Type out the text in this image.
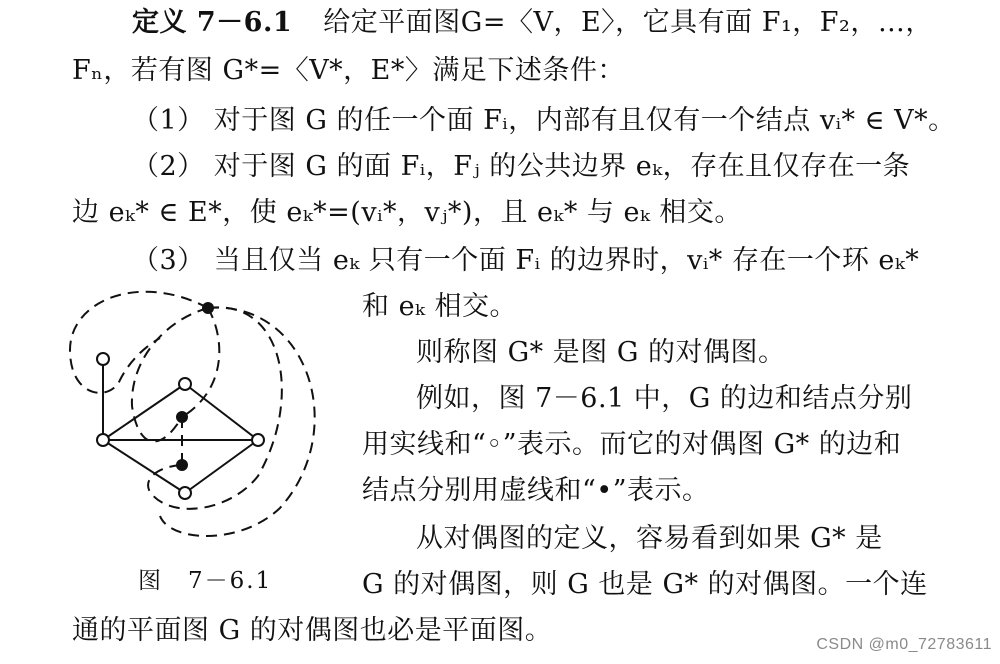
定义 7－6.1 给定平面图G=〈V，E〉，它具有面 F₁，F₂，…，
Fₙ，若有图 G*=〈V*，E*〉满足下述条件：
（1） 对于图 G 的任一个面 Fᵢ，内部有且仅有一个结点 vᵢ* ∈ V*。
（2） 对于图 G 的面 Fᵢ，Fⱼ 的公共边界 eₖ，存在且仅存在一条
边 eₖ* ∈ E*，使 eₖ*=(vᵢ*，vⱼ*)，且 eₖ* 与 eₖ 相交。
（3） 当且仅当 eₖ 只有一个面 Fᵢ 的边界时，vᵢ* 存在一个环 eₖ*
和 eₖ 相交。
则称图 G* 是图 G 的对偶图。
例如，图 7－6.1 中，G 的边和结点分别
用实线和“◦”表示。而它的对偶图 G* 的边和
结点分别用虚线和“•”表示。
从对偶图的定义，容易看到如果 G* 是
G 的对偶图，则 G 也是 G* 的对偶图。一个连
通的平面图 G 的对偶图也必是平面图。
图　7－6.1
CSDN @m0_72783611
